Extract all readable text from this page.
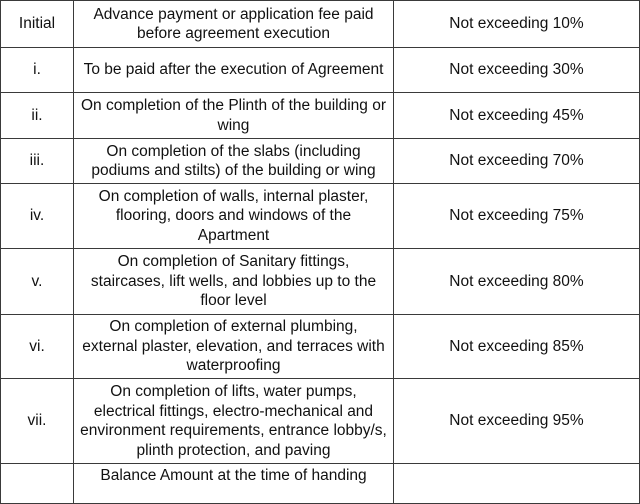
Initial	Advance payment or application fee paid before agreement execution	Not exceeding 10%
i.	To be paid after the execution of Agreement	Not exceeding 30%
ii.	On completion of the Plinth of the building or wing	Not exceeding 45%
iii.	On completion of the slabs (including podiums and stilts) of the building or wing	Not exceeding 70%
iv.	On completion of walls, internal plaster, flooring, doors and windows of the Apartment	Not exceeding 75%
v.	On completion of Sanitary fittings, staircases, lift wells, and lobbies up to the floor level	Not exceeding 80%
vi.	On completion of external plumbing, external plaster, elevation, and terraces with waterproofing	Not exceeding 85%
vii.	On completion of lifts, water pumps, electrical fittings, electro-mechanical and environment requirements, entrance lobby/s, plinth protection, and paving	Not exceeding 95%
	Balance Amount at the time of handing	
